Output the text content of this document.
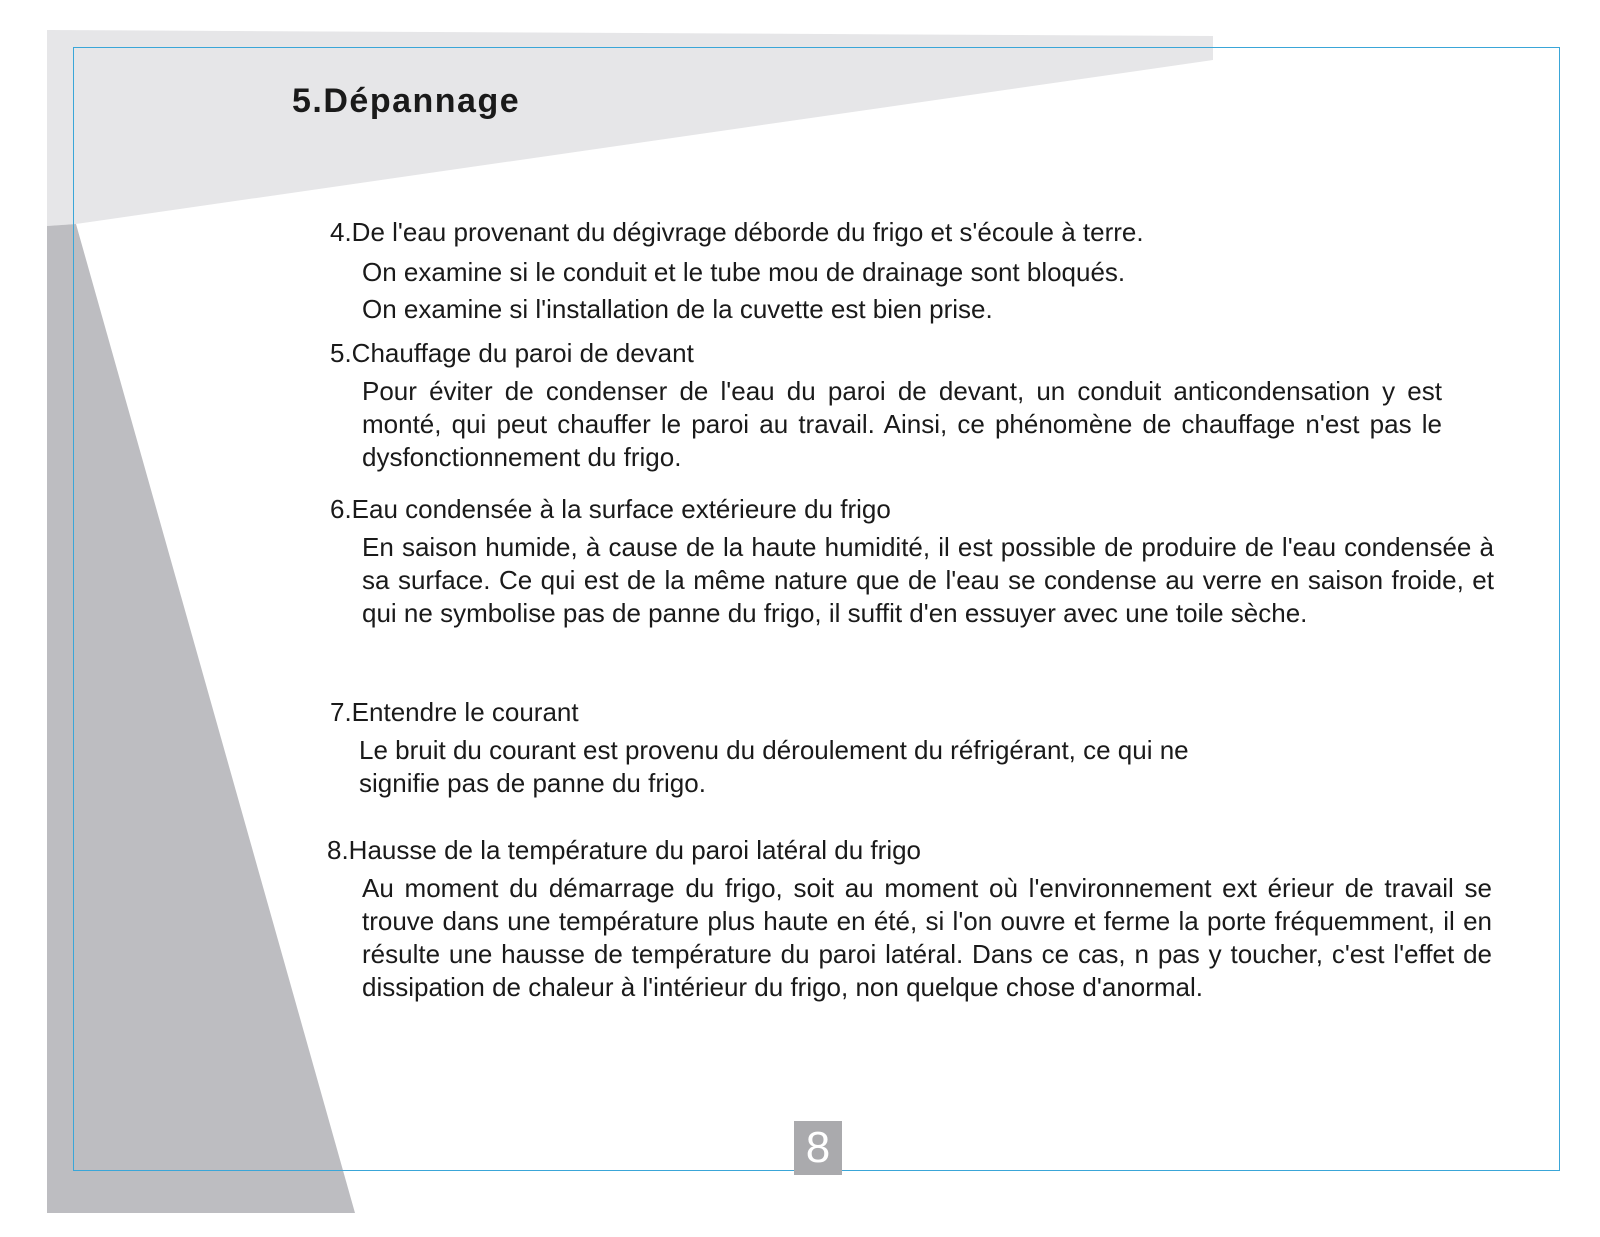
5.Dépannage
4.De l'eau provenant du dégivrage déborde du frigo et s'écoule à terre.
On examine si le conduit et le tube mou de drainage sont bloqués.
On examine si l'installation de la cuvette est bien prise.
5.Chauffage du paroi de devant
Pour éviter de condenser de l'eau du paroi de devant, un conduit anticondensation y est monté, qui peut chauffer le paroi au travail. Ainsi, ce phénomène de chauffage n'est pas le dysfonctionnement du frigo.
6.Eau condensée à la surface extérieure du frigo
En saison humide, à cause de la haute humidité, il est possible de produire de l'eau condensée à sa surface. Ce qui est de la même nature que de l'eau se condense au verre en saison froide, et qui ne symbolise pas de panne du frigo, il suffit d'en essuyer avec une toile sèche.
7.Entendre le courant
Le bruit du courant est provenu du déroulement du réfrigérant, ce qui ne
signifie pas de panne du frigo.
8.Hausse de la température du paroi latéral du frigo
Au moment du démarrage du frigo, soit au moment où l'environnement ext érieur de travail se trouve dans une température plus haute en été, si l'on ouvre et ferme la porte fréquemment, il en résulte une hausse de température du paroi latéral. Dans ce cas, n pas y toucher, c'est l'effet de dissipation de chaleur à l'intérieur du frigo, non quelque chose d'anormal.
8
